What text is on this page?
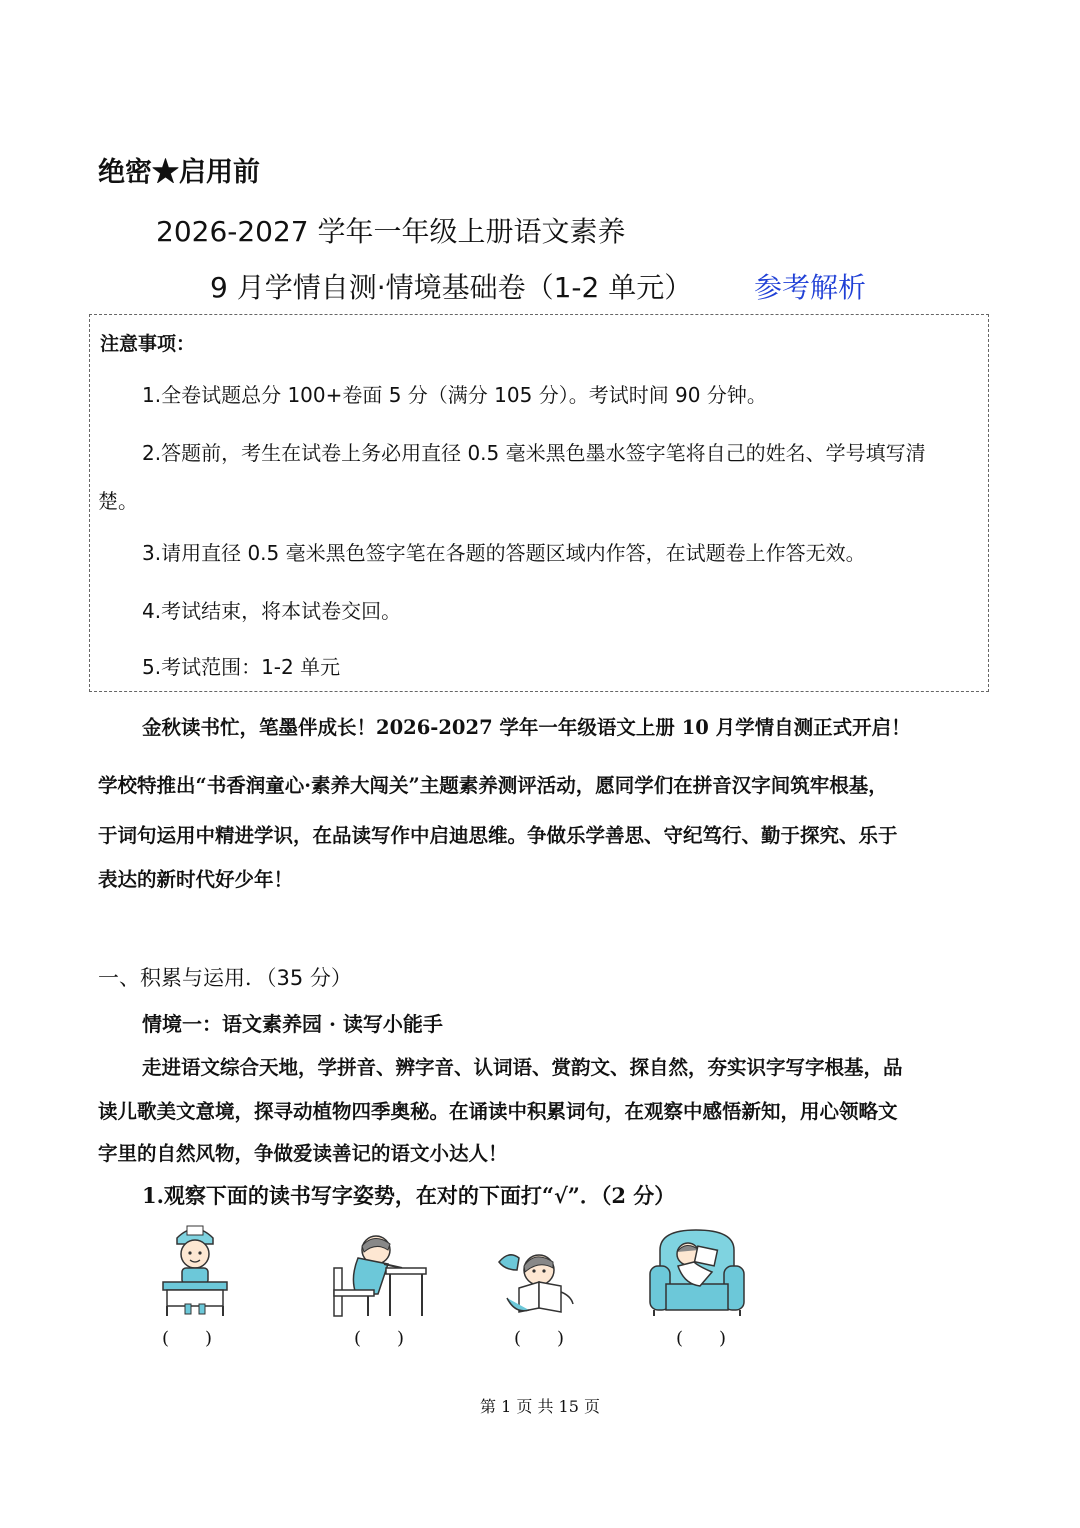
绝密★启用前
2026-2027 学年一年级上册语文素养
9 月学情自测·情境基础卷（1-2 单元） 参考解析
注意事项：
1.全卷试题总分 100+卷面 5 分（满分 105 分）。考试时间 90 分钟。
2.答题前，考生在试卷上务必用直径 0.5 毫米黑色墨水签字笔将自己的姓名、学号填写清
楚。
3.请用直径 0.5 毫米黑色签字笔在各题的答题区域内作答，在试题卷上作答无效。
4.考试结束，将本试卷交回。
5.考试范围：1-2 单元
金秋读书忙，笔墨伴成长！2026-2027 学年一年级语文上册 10 月学情自测正式开启！
学校特推出“书香润童心·素养大闯关”主题素养测评活动，愿同学们在拼音汉字间筑牢根基，
于词句运用中精进学识，在品读写作中启迪思维。争做乐学善思、守纪笃行、勤于探究、乐于
表达的新时代好少年！
一、积累与运用．（35 分）
情境一：语文素养园 · 读写小能手
走进语文综合天地，学拼音、辨字音、认词语、赏韵文、探自然，夯实识字写字根基，品
读儿歌美文意境，探寻动植物四季奥秘。在诵读中积累词句，在观察中感悟新知，用心领略文
字里的自然风物，争做爱读善记的语文小达人！
1.观察下面的读书写字姿势，在对的下面打“√”．（2 分）
(　　)	(　　)	(　　)	(　　)
第 1 页 共 15 页
